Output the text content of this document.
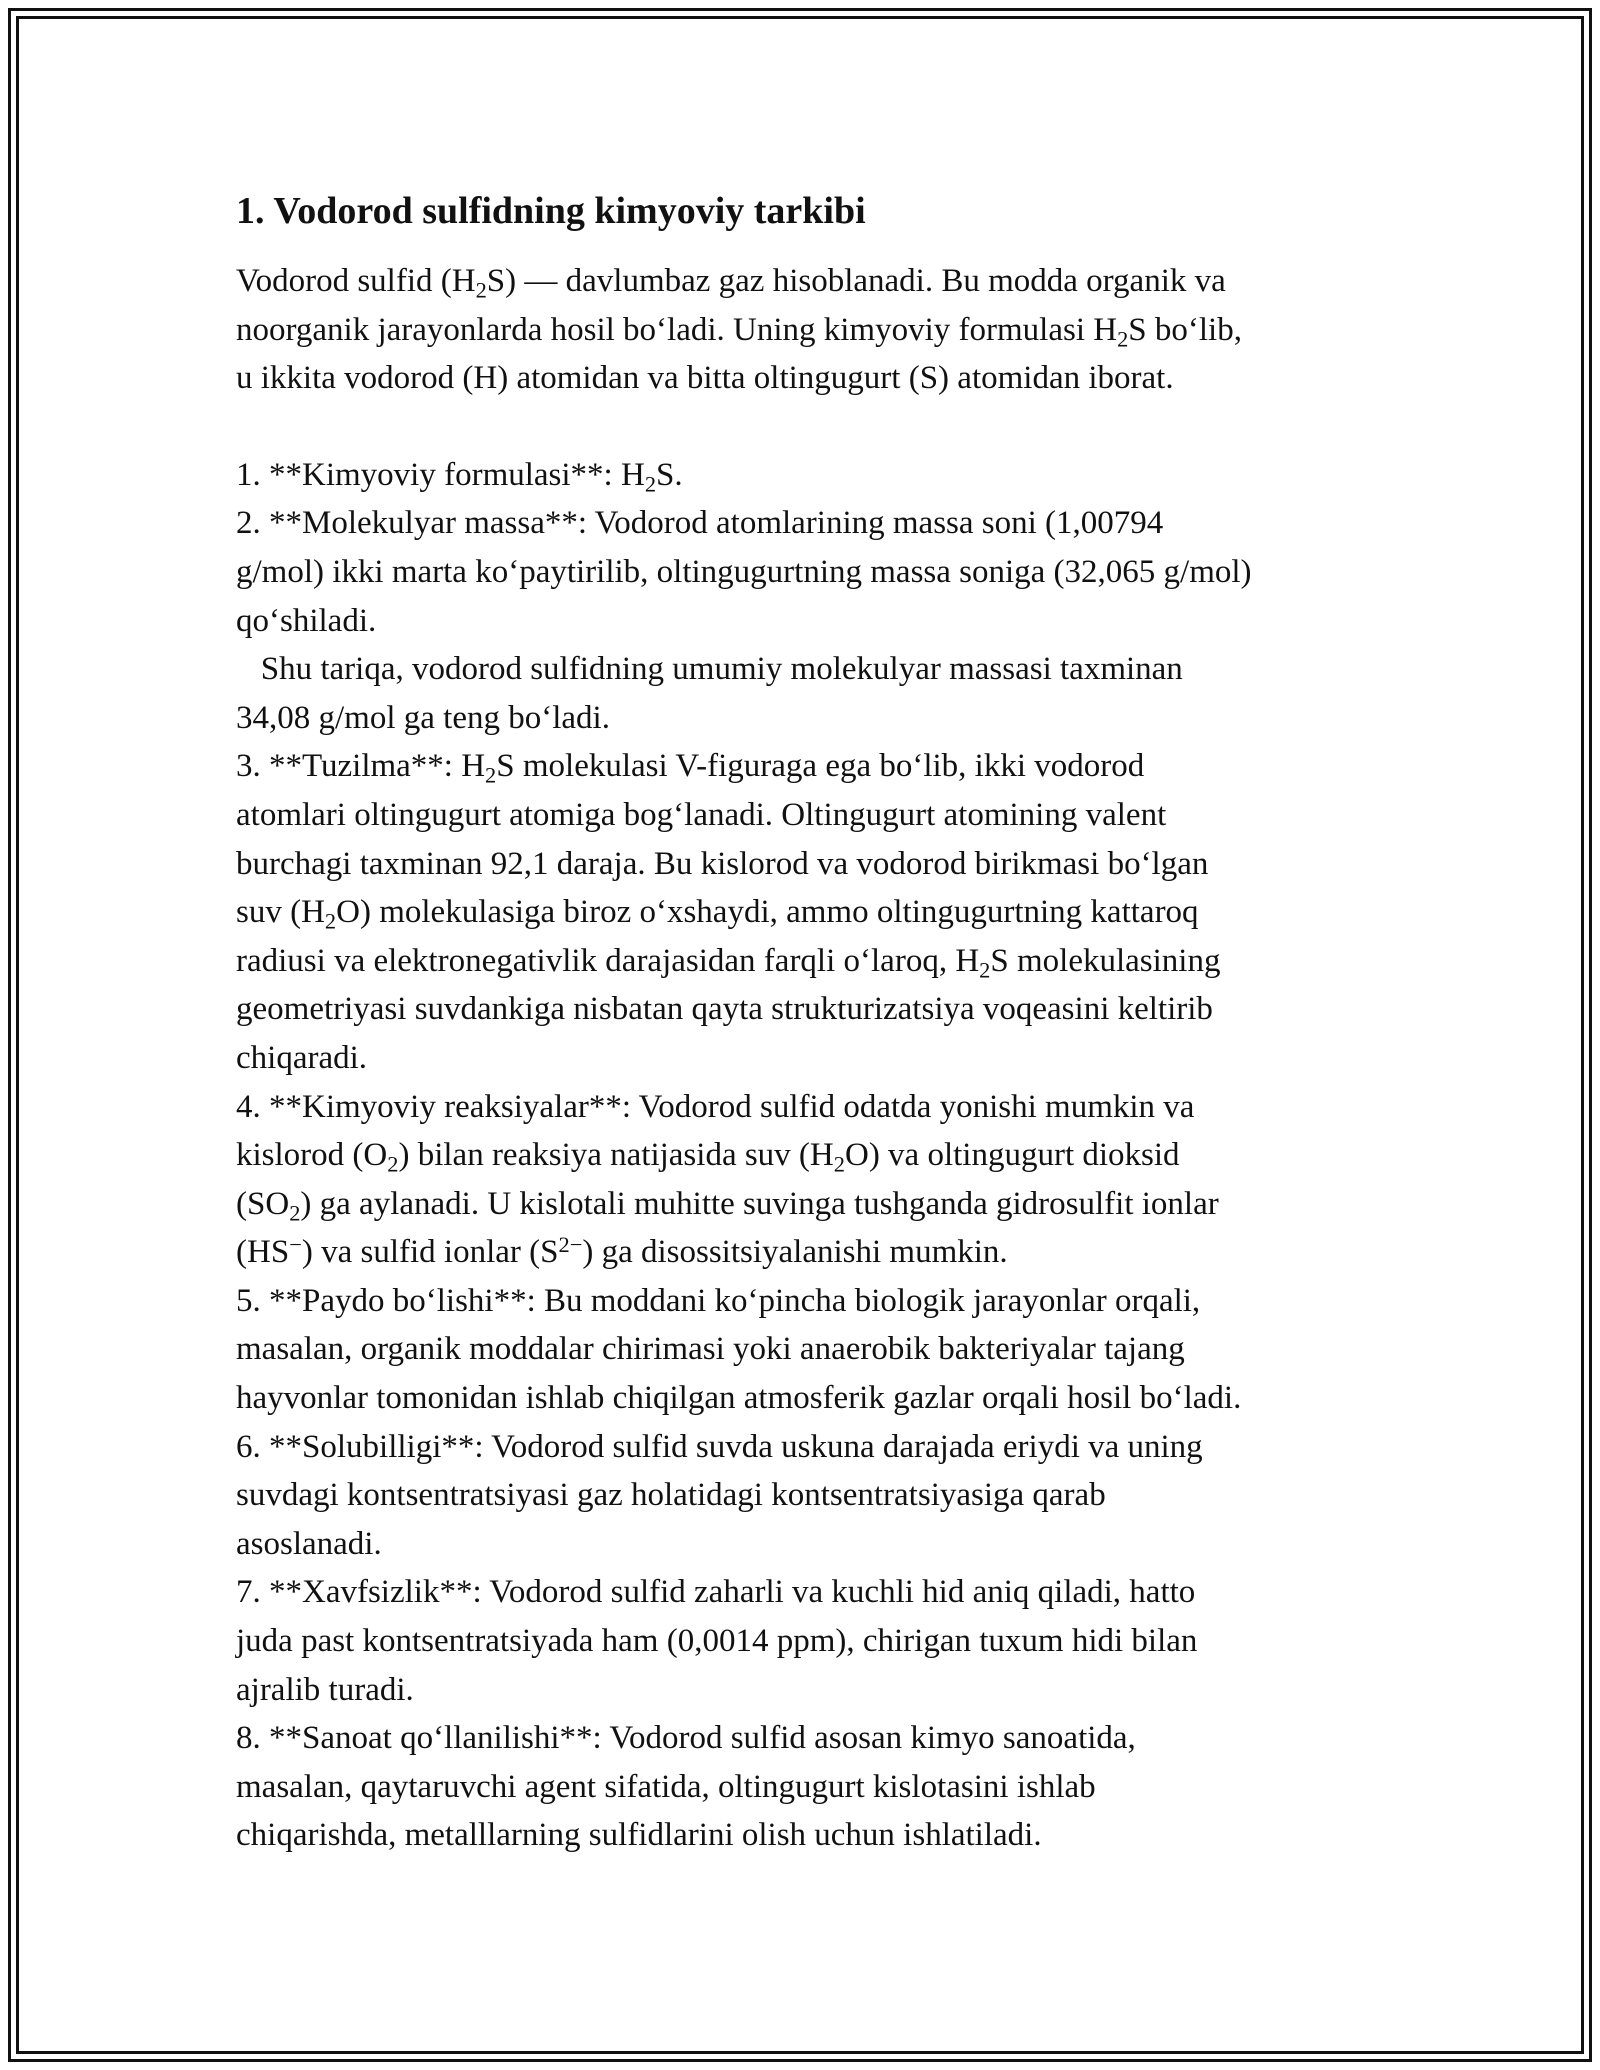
1. Vodorod sulfidning kimyoviy tarkibi

Vodorod sulfid $(H_2S)$ — davlumbaz gaz hisoblanadi. Bu modda organik va

noorganik jarayonlarda hosil bo‘ladi. Uning kimyoviy formulasi $H_2S$ bo‘lib,

u ikkita vodorod (H) atomidan va bitta oltingugurt (S) atomidan iborat.

1. **Kimyoviy formulasi**: $H_2S$.

2. **Molekulyar massa**: Vodorod atomlarining massa soni (1,00794

g/mol) ikki marta ko‘paytirilib, oltingugurtning massa soniga (32,065 g/mol)

qo‘shiladi.

Shu tariqa, vodorod sulfidning umumiy molekulyar massasi taxminan

34,08 g/mol ga teng bo‘ladi.

3. **Tuzilma**: $H_2S$ molekulasi V-figuraga ega bo‘lib, ikki vodorod

atomlari oltingugurt atomiga bog‘lanadi. Oltingugurt atomining valent

burchagi taxminan 92,1 daraja. Bu kislorod va vodorod birikmasi bo‘lgan

suv $(H_2O)$ molekulasiga biroz o‘xshaydi, ammo oltingugurtning kattaroq

radiusi va elektronegativlik darajasidan farqli o‘laroq, $H_2S$ molekulasining

geometriyasi suvdankiga nisbatan qayta strukturizatsiya voqeasini keltirib

chiqaradi.

4. **Kimyoviy reaksiyalar**: Vodorod sulfid odatda yonishi mumkin va

kislorod $(O_2)$ bilan reaksiya natijasida suv $(H_2O)$ va oltingugurt dioksid

$(SO_2)$ ga aylanadi. U kislotali muhitte suvinga tushganda gidrosulfit ionlar

(HS−) va sulfid ionlar $(S^{2-})$ ga disossitsiyalanishi mumkin.

5. **Paydo bo‘lishi**: Bu moddani ko‘pincha biologik jarayonlar orqali,

masalan, organik moddalar chirimasi yoki anaerobik bakteriyalar tajang

hayvonlar tomonidan ishlab chiqilgan atmosferik gazlar orqali hosil bo‘ladi.

6. **Solubilligi**: Vodorod sulfid suvda uskuna darajada eriydi va uning

suvdagi kontsentratsiyasi gaz holatidagi kontsentratsiyasiga qarab

asoslanadi.

7. **Xavfsizlik**: Vodorod sulfid zaharli va kuchli hid aniq qiladi, hatto

juda past kontsentratsiyada ham (0,0014 ppm), chirigan tuxum hidi bilan

ajralib turadi.

8. **Sanoat qo‘llanilishi**: Vodorod sulfid asosan kimyo sanoatida,

masalan, qaytaruvchi agent sifatida, oltingugurt kislotasini ishlab

chiqarishda, metalllarning sulfidlarini olish uchun ishlatiladi.
